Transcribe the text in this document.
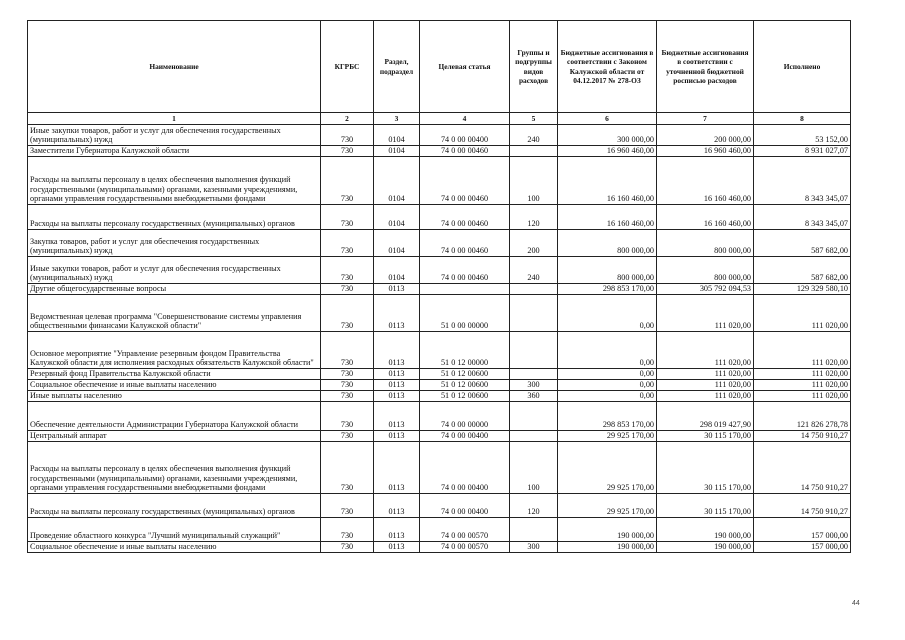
Наименование	КГРБС	Раздел, подраздел	Целевая статья	Группы и подгруппы видов расходов	Бюджетные ассигнования в соответствии с Законом Калужской области от 04.12.2017 № 278-ОЗ	Бюджетные ассигнования в соответствии с уточненной бюджетной росписью расходов	Исполнено
1	2	3	4	5	6	7	8
Иные закупки товаров, работ и услуг для обеспечения государственных (муниципальных) нужд	730	0104	74 0 00 00400	240	300 000,00	200 000,00	53 152,00
Заместители Губернатора Калужской области	730	0104	74 0 00 00460		16 960 460,00	16 960 460,00	8 931 027,07
Расходы на выплаты персоналу в целях обеспечения выполнения функций государственными (муниципальными) органами, казенными учреждениями, органами управления государственными внебюджетными фондами	730	0104	74 0 00 00460	100	16 160 460,00	16 160 460,00	8 343 345,07
Расходы на выплаты персоналу государственных (муниципальных) органов	730	0104	74 0 00 00460	120	16 160 460,00	16 160 460,00	8 343 345,07
Закупка товаров, работ и услуг для обеспечения государственных (муниципальных) нужд	730	0104	74 0 00 00460	200	800 000,00	800 000,00	587 682,00
Иные закупки товаров, работ и услуг для обеспечения государственных (муниципальных) нужд	730	0104	74 0 00 00460	240	800 000,00	800 000,00	587 682,00
Другие общегосударственные вопросы	730	0113			298 853 170,00	305 792 094,53	129 329 580,10
Ведомственная целевая программа "Совершенствование системы управления общественными финансами Калужской области"	730	0113	51 0 00 00000		0,00	111 020,00	111 020,00
Основное мероприятие "Управление резервным фондом Правительства Калужской области для исполнения расходных обязательств Калужской области"	730	0113	51 0 12 00000		0,00	111 020,00	111 020,00
Резервный фонд Правительства Калужской области	730	0113	51 0 12 00600		0,00	111 020,00	111 020,00
Социальное обеспечение и иные выплаты населению	730	0113	51 0 12 00600	300	0,00	111 020,00	111 020,00
Иные выплаты населению	730	0113	51 0 12 00600	360	0,00	111 020,00	111 020,00
Обеспечение деятельности Администрации Губернатора Калужской области	730	0113	74 0 00 00000		298 853 170,00	298 019 427,90	121 826 278,78
Центральный аппарат	730	0113	74 0 00 00400		29 925 170,00	30 115 170,00	14 750 910,27
Расходы на выплаты персоналу в целях обеспечения выполнения функций государственными (муниципальными) органами, казенными учреждениями, органами управления государственными внебюджетными фондами	730	0113	74 0 00 00400	100	29 925 170,00	30 115 170,00	14 750 910,27
Расходы на выплаты персоналу государственных (муниципальных) органов	730	0113	74 0 00 00400	120	29 925 170,00	30 115 170,00	14 750 910,27
Проведение областного конкурса "Лучший муниципальный служащий"	730	0113	74 0 00 00570		190 000,00	190 000,00	157 000,00
Социальное обеспечение и иные выплаты населению	730	0113	74 0 00 00570	300	190 000,00	190 000,00	157 000,00
44
